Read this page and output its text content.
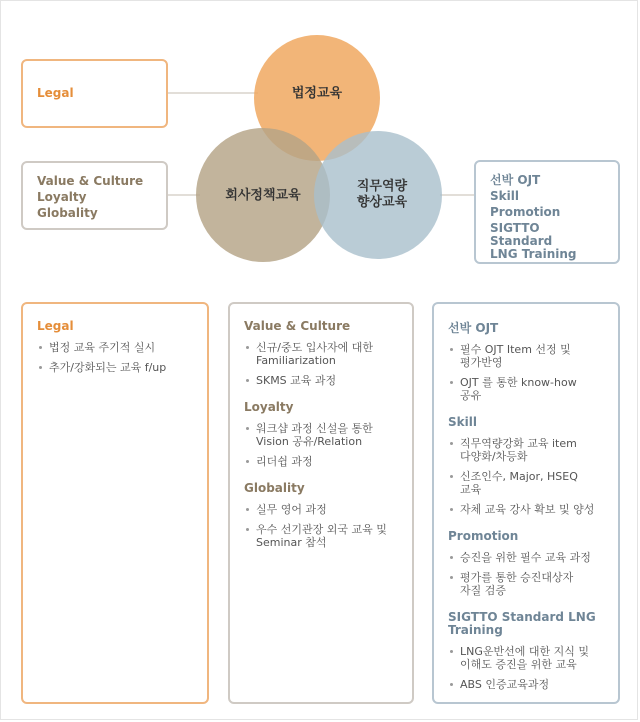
법정교육
회사정책교육
직무역량
향상교육
Legal
Value & Culture
Loyalty
Globality
선박 OJT
Skill
Promotion
SIGTTO Standard
LNG Training
Legal
법정 교육 주기적 실시
추가/강화되는 교육 f/up
Value & Culture
신규/중도 입사자에 대한
Familiarization
SKMS 교육 과정
Loyalty
워크샵 과정 신설을 통한
Vision 공유/Relation
리더쉽 과정
Globality
실무 영어 과정
우수 선기관장 외국 교육 및
Seminar 참석
선박 OJT
필수 OJT Item 선정 및
평가반영
OJT 를 통한 know-how
공유
Skill
직무역량강화 교육 item
다양화/차등화
신조인수, Major, HSEQ
교육
자체 교육 강사 확보 및 양성
Promotion
승진을 위한 필수 교육 과정
평가를 통한 승진대상자
자질 검증
SIGTTO Standard LNG
Training
LNG운반선에 대한 지식 및
이해도 증진을 위한 교육
ABS 인증교육과정
